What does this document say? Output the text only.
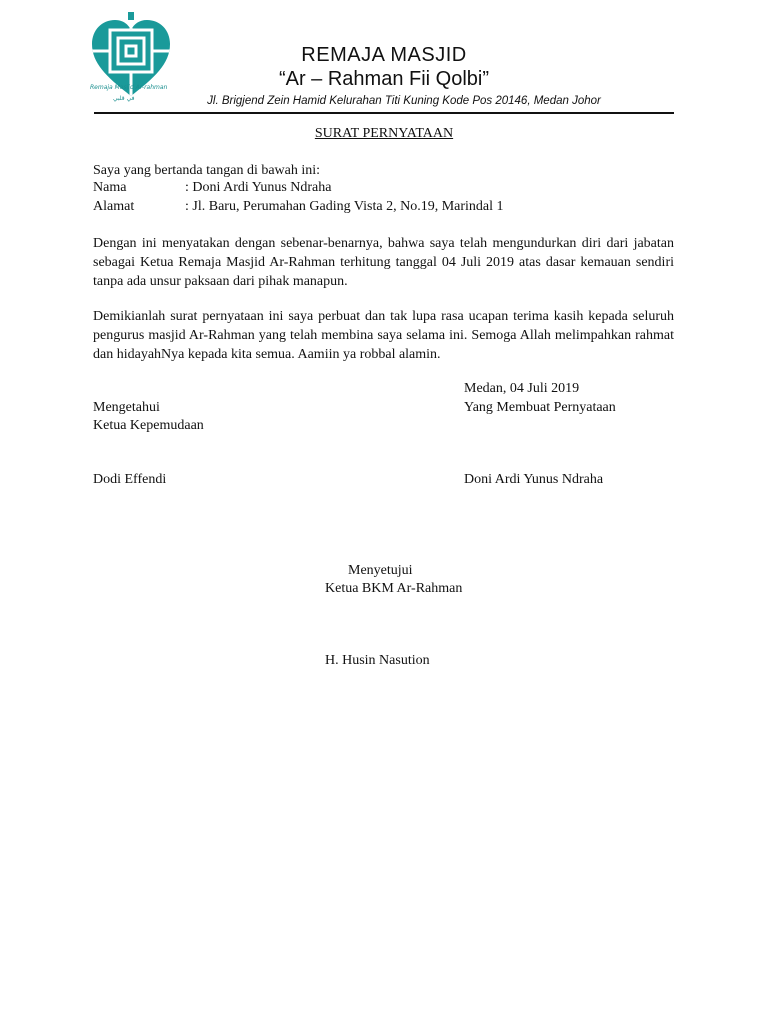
Remaja Masjid Ar-rahman
في قلبي
REMAJA MASJID
“Ar – Rahman Fii Qolbi”
Jl. Brigjend Zein Hamid Kelurahan Titi Kuning Kode Pos 20146, Medan Johor
SURAT PERNYATAAN
Saya yang bertanda tangan di bawah ini:
Nama	: Doni Ardi Yunus Ndraha
Alamat	: Jl. Baru, Perumahan Gading Vista 2, No.19, Marindal 1
Dengan ini menyatakan dengan sebenar-benarnya, bahwa saya telah mengundurkan diri dari jabatan sebagai Ketua Remaja Masjid Ar-Rahman terhitung tanggal 04 Juli 2019 atas dasar kemauan sendiri tanpa ada unsur paksaan dari pihak manapun.
Demikianlah surat pernyataan ini saya perbuat dan tak lupa rasa ucapan terima kasih kepada seluruh pengurus masjid Ar-Rahman yang telah membina saya selama ini. Semoga Allah melimpahkan rahmat dan hidayahNya kepada kita semua. Aamiin ya robbal alamin.
Medan, 04 Juli 2019
Mengetahui	Yang Membuat Pernyataan
Ketua Kepemudaan
Dodi Effendi	Doni Ardi Yunus Ndraha
Menyetujui
Ketua BKM Ar-Rahman
H. Husin Nasution
